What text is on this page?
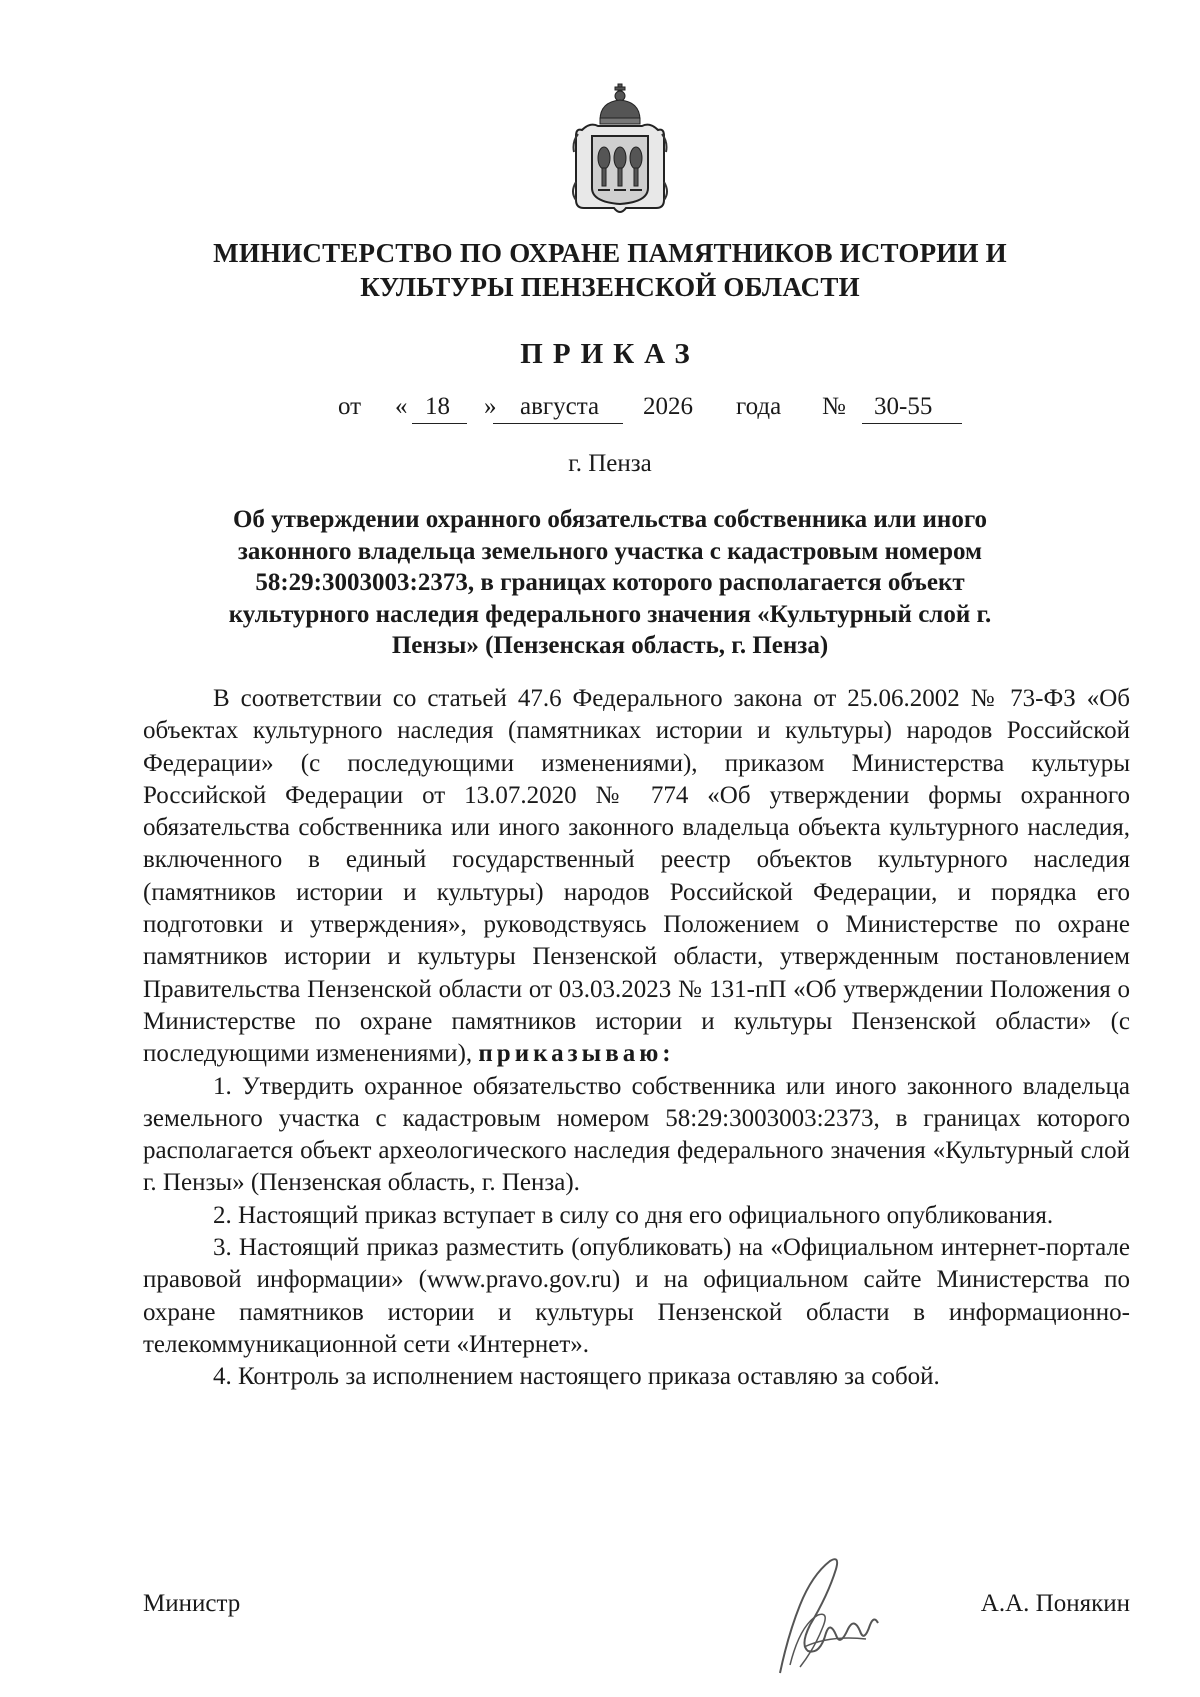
МИНИСТЕРСТВО ПО ОХРАНЕ ПАМЯТНИКОВ ИСТОРИИ И
КУЛЬТУРЫ ПЕНЗЕНСКОЙ ОБЛАСТИ
ПРИКАЗ
от « 18 » августа 2026 года № 30-55
г. Пенза
Об утверждении охранного обязательства собственника или иного законного владельца земельного участка с кадастровым номером 58:29:3003003:2373, в границах которого располагается объект культурного наследия федерального значения «Культурный слой г. Пензы» (Пензенская область, г. Пенза)

В соответствии со статьей 47.6 Федерального закона от 25.06.2002 № 73-ФЗ «Об объектах культурного наследия (памятниках истории и культуры) народов Российской Федерации» (с последующими изменениями), приказом Министерства культуры Российской Федерации от 13.07.2020 № 774 «Об утверждении формы охранного обязательства собственника или иного законного владельца объекта культурного наследия, включенного в единый государственный реестр объектов культурного наследия (памятников истории и культуры) народов Российской Федерации, и порядка его подготовки и утверждения», руководствуясь Положением о Министерстве по охране памятников истории и культуры Пензенской области, утвержденным постановлением Правительства Пензенской области от 03.03.2023 № 131-пП «Об утверждении Положения о Министерстве по охране памятников истории и культуры Пензенской области» (с последующими изменениями), приказываю:

1. Утвердить охранное обязательство собственника или иного законного владельца земельного участка с кадастровым номером 58:29:3003003:2373, в границах которого располагается объект археологического наследия федерального значения «Культурный слой г. Пензы» (Пензенская область, г. Пенза).

2. Настоящий приказ вступает в силу со дня его официального опубликования.

3. Настоящий приказ разместить (опубликовать) на «Официальном интернет-портале правовой информации» (www.pravo.gov.ru) и на официальном сайте Министерства по охране памятников истории и культуры Пензенской области в информационно-телекоммуникационной сети «Интернет».

4. Контроль за исполнением настоящего приказа оставляю за собой.

Министр	А.А. Понякин
